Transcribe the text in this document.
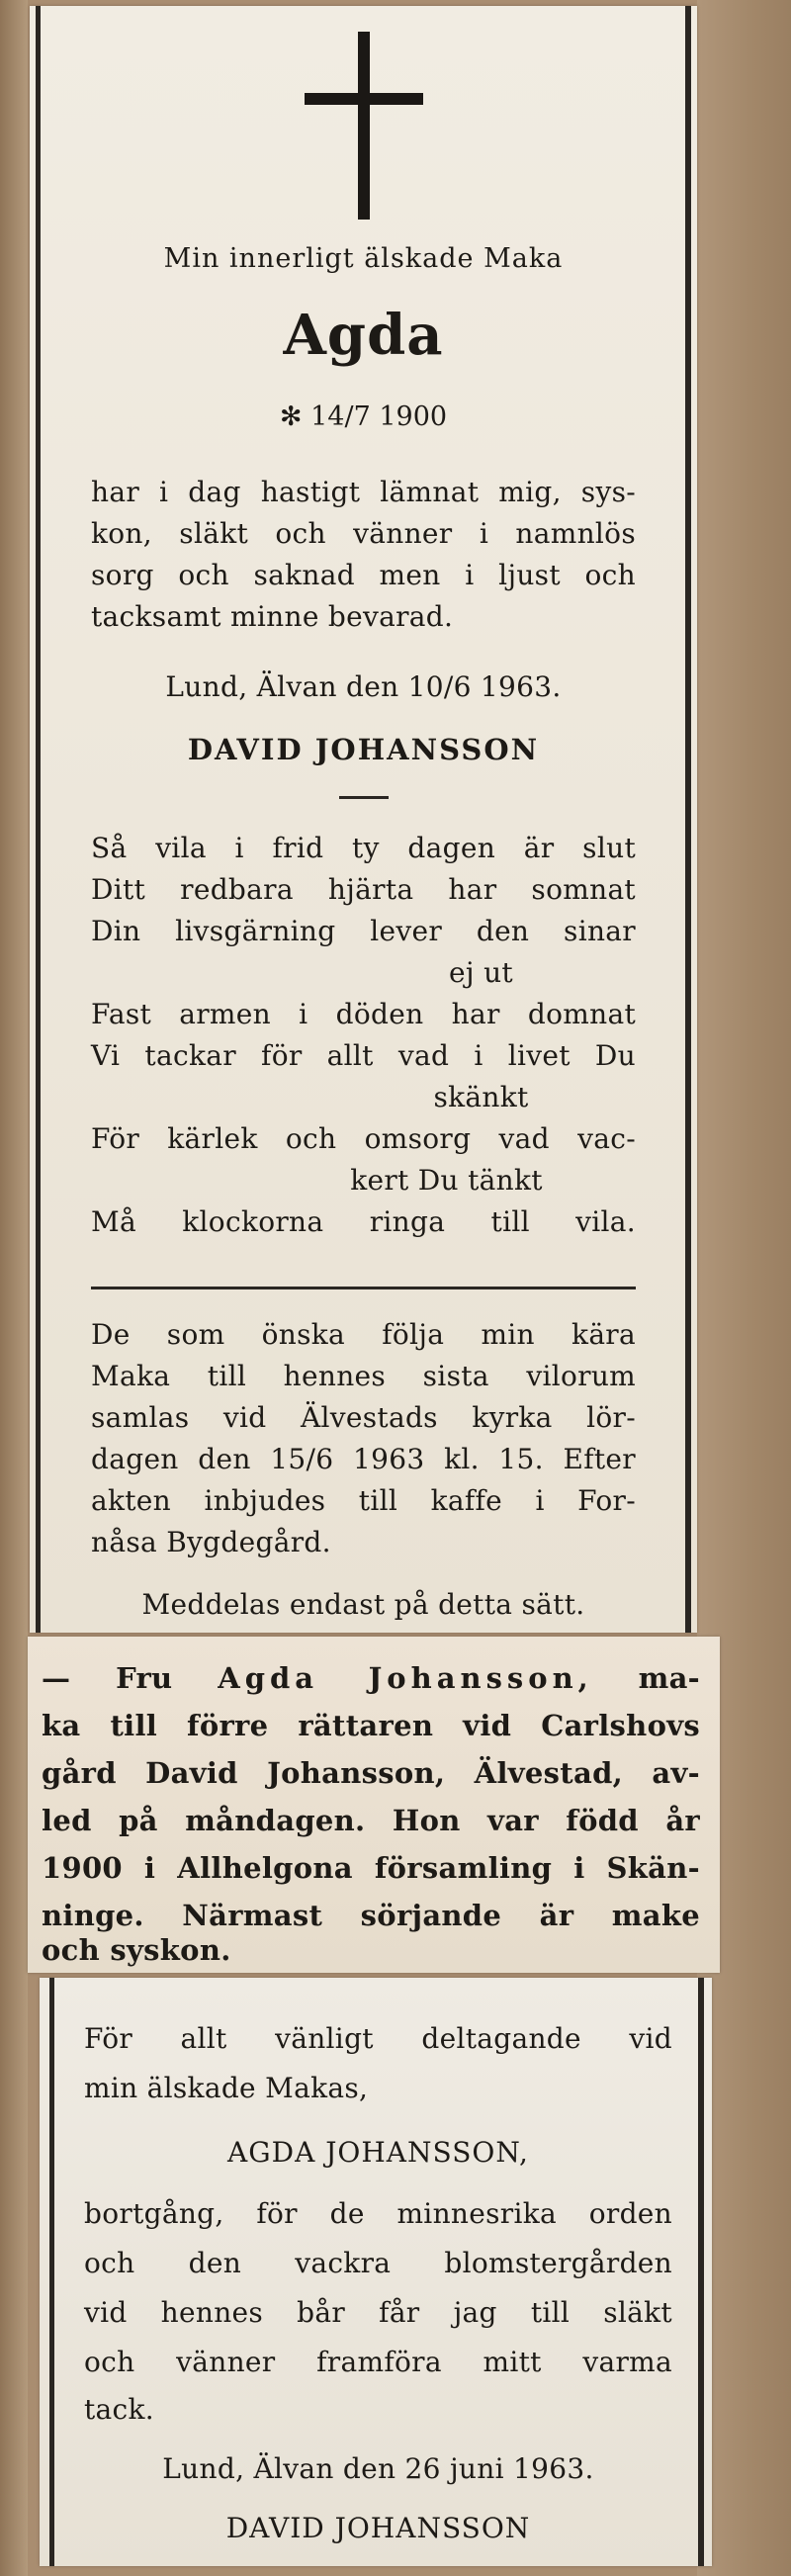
Min innerligt älskade Maka
Agda
✻ 14/7 1900
har i dag hastigt lämnat mig, sys-
kon, släkt och vänner i namnlös
sorg och saknad men i ljust och
tacksamt minne bevarad.
Lund, Älvan den 10/6 1963.
DAVID JOHANSSON
Så vila i frid ty dagen är slut
Ditt redbara hjärta har somnat
Din livsgärning lever den sinar
ej ut
Fast armen i döden har domnat
Vi tackar för allt vad i livet Du
skänkt
För kärlek och omsorg vad vac-
kert Du tänkt
Må klockorna ringa till vila.
De som önska följa min kära
Maka till hennes sista vilorum
samlas vid Älvestads kyrka lör-
dagen den 15/6 1963 kl. 15. Efter
akten inbjudes till kaffe i For-
nåsa Bygdegård.
Meddelas endast på detta sätt.
— Fru Agda Johansson, ma-
ka till förre rättaren vid Carlshovs
gård David Johansson, Älvestad, av-
led på måndagen. Hon var född år
1900 i Allhelgona församling i Skän-
ninge. Närmast sörjande är make
och syskon.
För allt vänligt deltagande vid
min älskade Makas,
AGDA JOHANSSON,
bortgång, för de minnesrika orden
och den vackra blomstergården
vid hennes bår får jag till släkt
och vänner framföra mitt varma
tack.
Lund, Älvan den 26 juni 1963.
DAVID JOHANSSON
